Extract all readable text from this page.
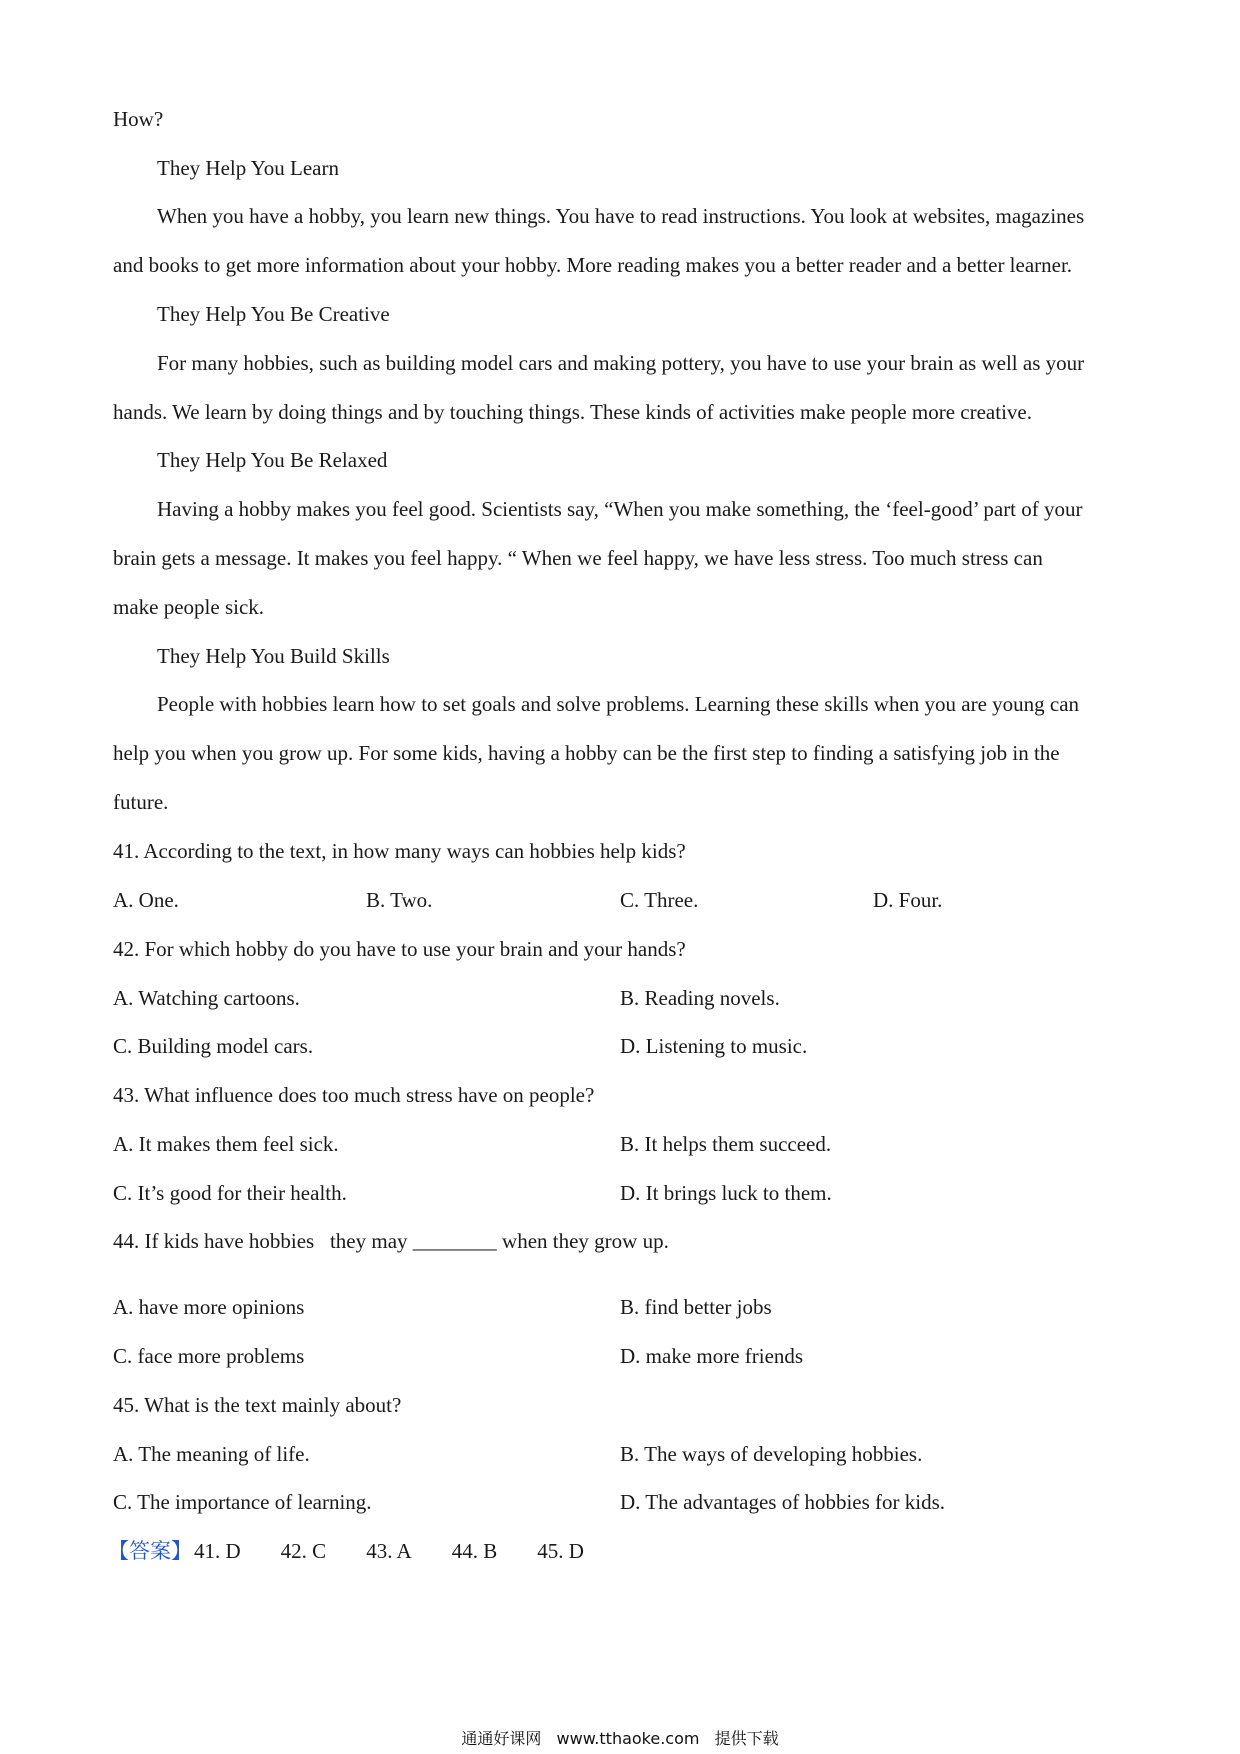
How?
They Help You Learn
When you have a hobby, you learn new things. You have to read instructions. You look at websites, magazines
and books to get more information about your hobby. More reading makes you a better reader and a better learner.
They Help You Be Creative
For many hobbies, such as building model cars and making pottery, you have to use your brain as well as your
hands. We learn by doing things and by touching things. These kinds of activities make people more creative.
They Help You Be Relaxed
Having a hobby makes you feel good. Scientists say, “When you make something, the ‘feel-good’ part of your
brain gets a message. It makes you feel happy. “ When we feel happy, we have less stress. Too much stress can
make people sick.
They Help You Build Skills
People with hobbies learn how to set goals and solve problems. Learning these skills when you are young can
help you when you grow up. For some kids, having a hobby can be the first step to finding a satisfying job in the
future.
41. According to the text, in how many ways can hobbies help kids?
A. One.	B. Two.	C. Three.	D. Four.
42. For which hobby do you have to use your brain and your hands?
A. Watching cartoons.	B. Reading novels.
C. Building model cars.	D. Listening to music.
43. What influence does too much stress have on people?
A. It makes them feel sick.	B. It helps them succeed.
C. It’s good for their health.	D. It brings luck to them.
44. If kids have hobbies   they may ________ when they grow up.
A. have more opinions	B. find better jobs
C. face more problems	D. make more friends
45. What is the text mainly about?
A. The meaning of life.	B. The ways of developing hobbies.
C. The importance of learning.	D. The advantages of hobbies for kids.
【答案】41. D 42. C 43. A 44. B 45. D
通通好课网 www.tthaoke.com 提供下载
